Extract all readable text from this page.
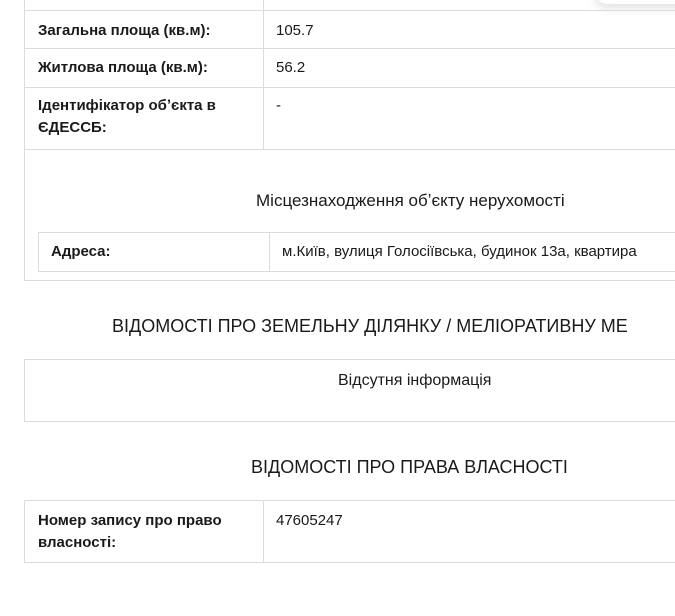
Загальна площа (кв.м):	105.7
Житлова площа (кв.м):	56.2
Ідентифікатор обʼєкта в ЄДЕССБ:
-
Місцезнаходження обʼєкту нерухомості
Адреса:	м.Київ, вулиця Голосіївська, будинок 13а, квартира
ВІДОМОСТІ ПРО ЗЕМЕЛЬНУ ДІЛЯНКУ / МЕЛІОРАТИВНУ МЕ
Відсутня інформація
ВІДОМОСТІ ПРО ПРАВА ВЛАСНОСТІ
Номер запису про право власності:
47605247
